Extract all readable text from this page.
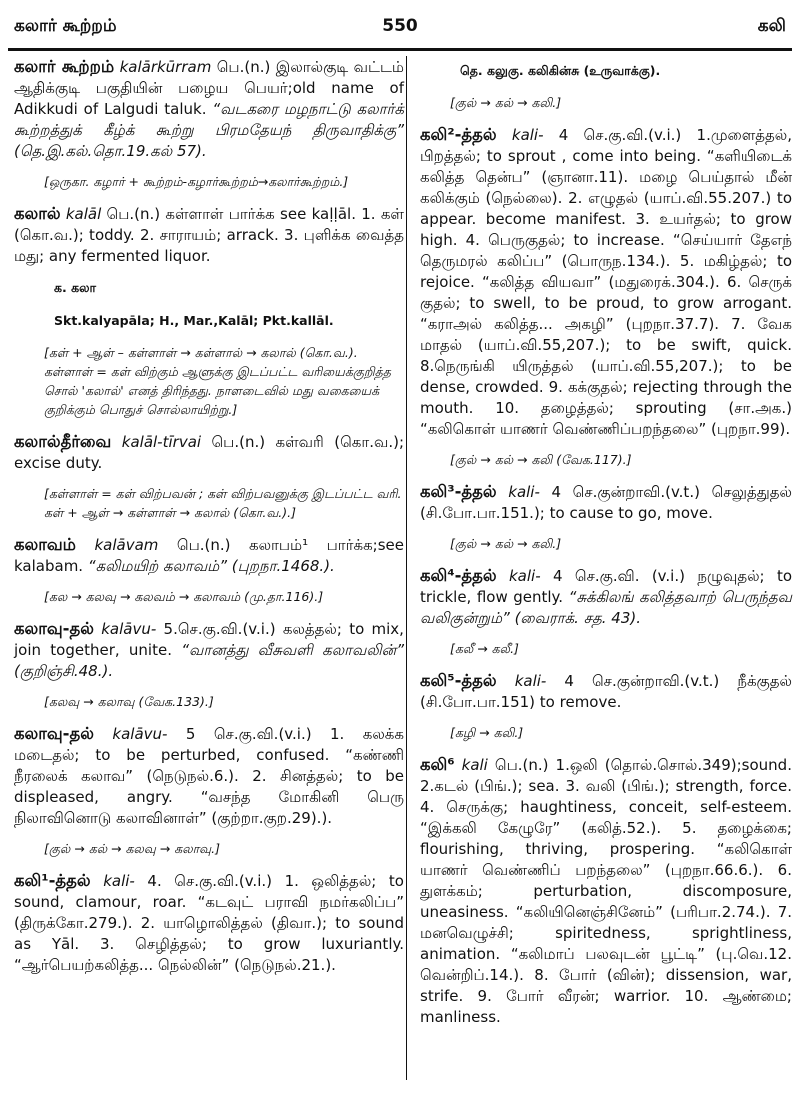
கலார் கூற்றம்	550	கலி
கலார் கூற்றம் kalārkūrram பெ.(n.) இலால்குடி வட்டம் ஆதிக்குடி பகுதியின் பழைய பெயர்;old name of Adikkudi of Lalgudi taluk. “வடகரை மழநாட்டு கலார்க் கூற்றத்துக் கீழ்க் கூற்று பிரமதேயந் திருவாதிக்கு” (தெ.இ.கல்.தொ.19.கல் 57).
[ஒருகா. கழார் + கூற்றம்-கழார்கூற்றம்→கலார்கூற்றம்.]
கலால் kalāl பெ.(n.) கள்ளாள் பார்க்க see kaḷḷāl. 1. கள் (கொ.வ.); toddy. 2. சாராயம்; arrack. 3. புளிக்க வைத்த மது; any fermented liquor.
க. கலா
Skt.kalyapāla; H., Mar.,Kalāl; Pkt.kallāl.
[கள் + ஆள் – கள்ளாள் → கள்ளால் → கலால் (கொ.வ.). கள்ளாள் = கள் விற்கும் ஆளுக்கு இடப்பட்ட வரியைக்குறித்த சொல் 'கலால்' எனத் திரிந்தது. நாளடைவில் மது வகையைக் குறிக்கும் பொதுச் சொல்லாயிற்று.]
கலால்தீர்வை kalāl-tīrvai பெ.(n.) கள்வரி (கொ.வ.); excise duty.
[கள்ளாள் = கள் விற்பவன் ; கள் விற்பவனுக்கு இடப்பட்ட வரி. கள் + ஆள் → கள்ளாள் → கலால் (கொ.வ.).]
கலாவம் kalāvam பெ.(n.) கலாபம்¹ பார்க்க;see kalabam. “கலிமயிற் கலாவம்” (புறநா.1468.).
[கல → கலவு → கலவம் → கலாவம் (மு.தா.116).]
கலாவு-தல் kalāvu- 5.செ.கு.வி.(v.i.) கலத்தல்; to mix, join together, unite. “வானத்து வீசுவளி கலாவலின்” (குறிஞ்சி.48.).
[கலவு → கலாவு (வேக.133).]
கலாவு-தல் kalāvu- 5 செ.கு.வி.(v.i.) 1. கலக்க மடைதல்; to be perturbed, confused. “கண்ணி நீரலைக் கலாவ” (நெடுநல்.6.). 2. சினத்தல்; to be displeased, angry. “வசந்த மோகினி பெரு நிலாவினொடு கலாவினாள்” (குற்றா.குற.29).).
[குல் → கல் → கலவு → கலாவு.]
கலி¹-த்தல் kali- 4. செ.கு.வி.(v.i.) 1. ஒலித்தல்; to sound, clamour, roar. “கடவுட் பராவி நமர்கலிப்ப” (திருக்கோ.279.). 2. யாழொலித்தல் (திவா.); to sound as Yāl. 3. செழித்தல்; to grow luxuriantly. “ஆர்பெயற்கலித்த... நெல்லின்” (நெடுநல்.21.).
தெ. கலுகு. கலிகின்சு (உருவாக்கு).
[குல் → கல் → கலி.]
கலி²-த்தல் kali- 4 செ.கு.வி.(v.i.) 1.முளைத்தல், பிறத்தல்; to sprout , come into being. “களியிடைக் கலித்த தென்ப” (ஞானா.11). மழை பெய்தால் மீன் கலிக்கும் (நெல்லை). 2. எழுதல் (யாப்.வி.55.207.) to appear. become manifest. 3. உயர்தல்; to grow high. 4. பெருகுதல்; to increase. “செய்யார் தேஎந் தெருமரல் கலிப்ப” (பொருந.134.). 5. மகிழ்தல்; to rejoice. “கலித்த வியவா” (மதுரைக்.304.). 6. செருக் குதல்; to swell, to be proud, to grow arrogant. “கராஅல் கலித்த... அகழி” (புறநா.37.7). 7. வேக மாதல் (யாப்.வி.55,207.); to be swift, quick. 8.நெருங்கி யிருத்தல் (யாப்.வி.55,207.); to be dense, crowded. 9. கக்குதல்; rejecting through the mouth. 10. தழைத்தல்; sprouting (சா.அக.) “கலிகொள் யாணர் வெண்ணிப்பறந்தலை” (புறநா.99).
[குல் → கல் → கலி (வேக.117).]
கலி³-த்தல் kali- 4 செ.குன்றாவி.(v.t.) செலுத்துதல் (சி.போ.பா.151.); to cause to go, move.
[குல் → கல் → கலி.]
கலி⁴-த்தல் kali- 4 செ.கு.வி. (v.i.) நழுவுதல்; to trickle, flow gently. “சுக்கிலங் கலித்தவாற் பெருந்தவ வலிகுன்றும்” (வைராக். சத. 43).
[கலீ → கலீ.]
கலி⁵-த்தல் kali- 4 செ.குன்றாவி.(v.t.) நீக்குதல் (சி.போ.பா.151) to remove.
[கழி → கலி.]
கலி⁶ kali பெ.(n.) 1.ஒலி (தொல்.சொல்.349);sound. 2.கடல் (பிங்.); sea. 3. வலி (பிங்.); strength, force. 4. செருக்கு; haughtiness, conceit, self-esteem. “இக்கலி கேழுரே” (கலித்.52.). 5. தழைக்கை; flourishing, thriving, prospering. “கலிகொள் யாணர் வெண்ணிப் பறந்தலை” (புறநா.66.6.). 6. துளக்கம்; perturbation, discomposure, uneasiness. “கலியினெஞ்சினேம்” (பரிபா.2.74.). 7. மனவெழுச்சி; spiritedness, sprightliness, animation. “கலிமாப் பலவுடன் பூட்டி” (பு.வெ.12. வென்றிப்.14.). 8. போர் (வின்); dissension, war, strife. 9. போர் வீரன்; warrior. 10. ஆண்மை; manliness.
